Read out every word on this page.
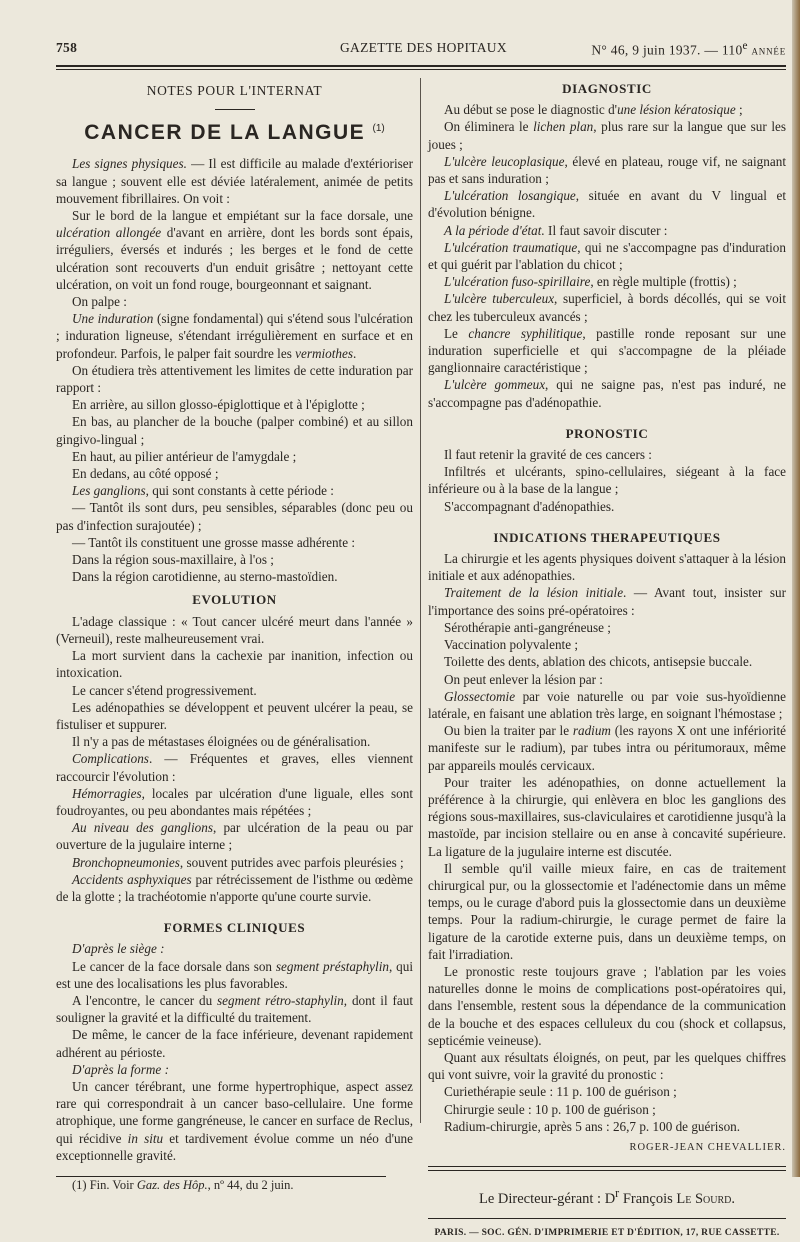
758	GAZETTE DES HOPITAUX	N° 46, 9 juin 1937. — 110e ANNÉE
NOTES POUR L'INTERNAT
CANCER DE LA LANGUE $^{(1)}$

Les signes physiques. — Il est difficile au malade d'extérioriser sa langue ; souvent elle est déviée latéralement, animée de petits mouvement fibrillaires. On voit :

Sur le bord de la langue et empiétant sur la face dorsale, une ulcération allongée d'avant en arrière, dont les bords sont épais, irréguliers, éversés et indurés ; les berges et le fond de cette ulcération sont recouverts d'un enduit grisâtre ; nettoyant cette ulcération, on voit un fond rouge, bourgeonnant et saignant.

On palpe :

Une induration (signe fondamental) qui s'étend sous l'ulcération ; induration ligneuse, s'étendant irrégulièrement en surface et en profondeur. Parfois, le palper fait sourdre les vermiothes.

On étudiera très attentivement les limites de cette induration par rapport :

En arrière, au sillon glosso-épiglottique et à l'épiglotte ;

En bas, au plancher de la bouche (palper combiné) et au sillon gingivo-lingual ;

En haut, au pilier antérieur de l'amygdale ;

En dedans, au côté opposé ;

Les ganglions, qui sont constants à cette période :

— Tantôt ils sont durs, peu sensibles, séparables (donc peu ou pas d'infection surajoutée) ;

— Tantôt ils constituent une grosse masse adhérente :

Dans la région sous-maxillaire, à l'os ;

Dans la région carotidienne, au sterno-mastoïdien.

EVOLUTION

L'adage classique : « Tout cancer ulcéré meurt dans l'année » (Verneuil), reste malheureusement vrai.

La mort survient dans la cachexie par inanition, infection ou intoxication.

Le cancer s'étend progressivement.

Les adénopathies se développent et peuvent ulcérer la peau, se fistuliser et suppurer.

Il n'y a pas de métastases éloignées ou de généralisation.

Complications. — Fréquentes et graves, elles viennent raccourcir l'évolution :

Hémorragies, locales par ulcération d'une liguale, elles sont foudroyantes, ou peu abondantes mais répétées ;

Au niveau des ganglions, par ulcération de la peau ou par ouverture de la jugulaire interne ;

Bronchopneumonies, souvent putrides avec parfois pleurésies ;

Accidents asphyxiques par rétrécissement de l'isthme ou œdème de la glotte ; la trachéotomie n'apporte qu'une courte survie.

FORMES CLINIQUES

D'après le siège :

Le cancer de la face dorsale dans son segment préstaphylin, qui est une des localisations les plus favorables.

A l'encontre, le cancer du segment rétro-staphylin, dont il faut souligner la gravité et la difficulté du traitement.

De même, le cancer de la face inférieure, devenant rapidement adhérent au périoste.

D'après la forme :

Un cancer térébrant, une forme hypertrophique, aspect assez rare qui correspondrait à un cancer baso-cellulaire. Une forme atrophique, une forme gangréneuse, le cancer en surface de Reclus, qui récidive in situ et tardivement évolue comme un néo d'une exceptionnelle gravité.

(1) Fin. Voir Gaz. des Hôp., nº 44, du 2 juin.

DIAGNOSTIC

Au début se pose le diagnostic d'une lésion kératosique ;

On éliminera le lichen plan, plus rare sur la langue que sur les joues ;

L'ulcère leucoplasique, élevé en plateau, rouge vif, ne saignant pas et sans induration ;

L'ulcération losangique, située en avant du V lingual et d'évolution bénigne.

A la période d'état. Il faut savoir discuter :

L'ulcération traumatique, qui ne s'accompagne pas d'induration et qui guérit par l'ablation du chicot ;

L'ulcération fuso-spirillaire, en règle multiple (frottis) ;

L'ulcère tuberculeux, superficiel, à bords décollés, qui se voit chez les tuberculeux avancés ;

Le chancre syphilitique, pastille ronde reposant sur une induration superficielle et qui s'accompagne de la pléiade ganglionnaire caractéristique ;

L'ulcère gommeux, qui ne saigne pas, n'est pas induré, ne s'accompagne pas d'adénopathie.

PRONOSTIC

Il faut retenir la gravité de ces cancers :

Infiltrés et ulcérants, spino-cellulaires, siégeant à la face inférieure ou à la base de la langue ;

S'accompagnant d'adénopathies.

INDICATIONS THERAPEUTIQUES

La chirurgie et les agents physiques doivent s'attaquer à la lésion initiale et aux adénopathies.

Traitement de la lésion initiale. — Avant tout, insister sur l'importance des soins pré-opératoires :

Sérothérapie anti-gangréneuse ;

Vaccination polyvalente ;

Toilette des dents, ablation des chicots, antisepsie buccale.

On peut enlever la lésion par :

Glossectomie par voie naturelle ou par voie sus-hyoïdienne latérale, en faisant une ablation très large, en soignant l'hémostase ;

Ou bien la traiter par le radium (les rayons X ont une infériorité manifeste sur le radium), par tubes intra ou péritumoraux, même par appareils moulés cervicaux.

Pour traiter les adénopathies, on donne actuellement la préférence à la chirurgie, qui enlèvera en bloc les ganglions des régions sous-maxillaires, sus-claviculaires et carotidienne jusqu'à la mastoïde, par incision stellaire ou en anse à concavité supérieure. La ligature de la jugulaire interne est discutée.

Il semble qu'il vaille mieux faire, en cas de traitement chirurgical pur, ou la glossectomie et l'adénectomie dans un même temps, ou le curage d'abord puis la glossectomie dans un deuxième temps. Pour la radium-chirurgie, le curage permet de faire la ligature de la carotide externe puis, dans un deuxième temps, on fait l'irradiation.

Le pronostic reste toujours grave ; l'ablation par les voies naturelles donne le moins de complications post-opératoires qui, dans l'ensemble, restent sous la dépendance de la communication de la bouche et des espaces celluleux du cou (shock et collapsus, septicémie veineuse).

Quant aux résultats éloignés, on peut, par les quelques chiffres qui vont suivre, voir la gravité du pronostic :

Curiethérapie seule : 11 p. 100 de guérison ;

Chirurgie seule : 10 p. 100 de guérison ;

Radium-chirurgie, après 5 ans : 26,7 p. 100 de guérison.

ROGER-JEAN CHEVALLIER.
Le Directeur-gérant : $D^r$ François Le Sourd.
PARIS. — SOC. GÉN. D'IMPRIMERIE ET D'ÉDITION, 17, RUE CASSETTE.
